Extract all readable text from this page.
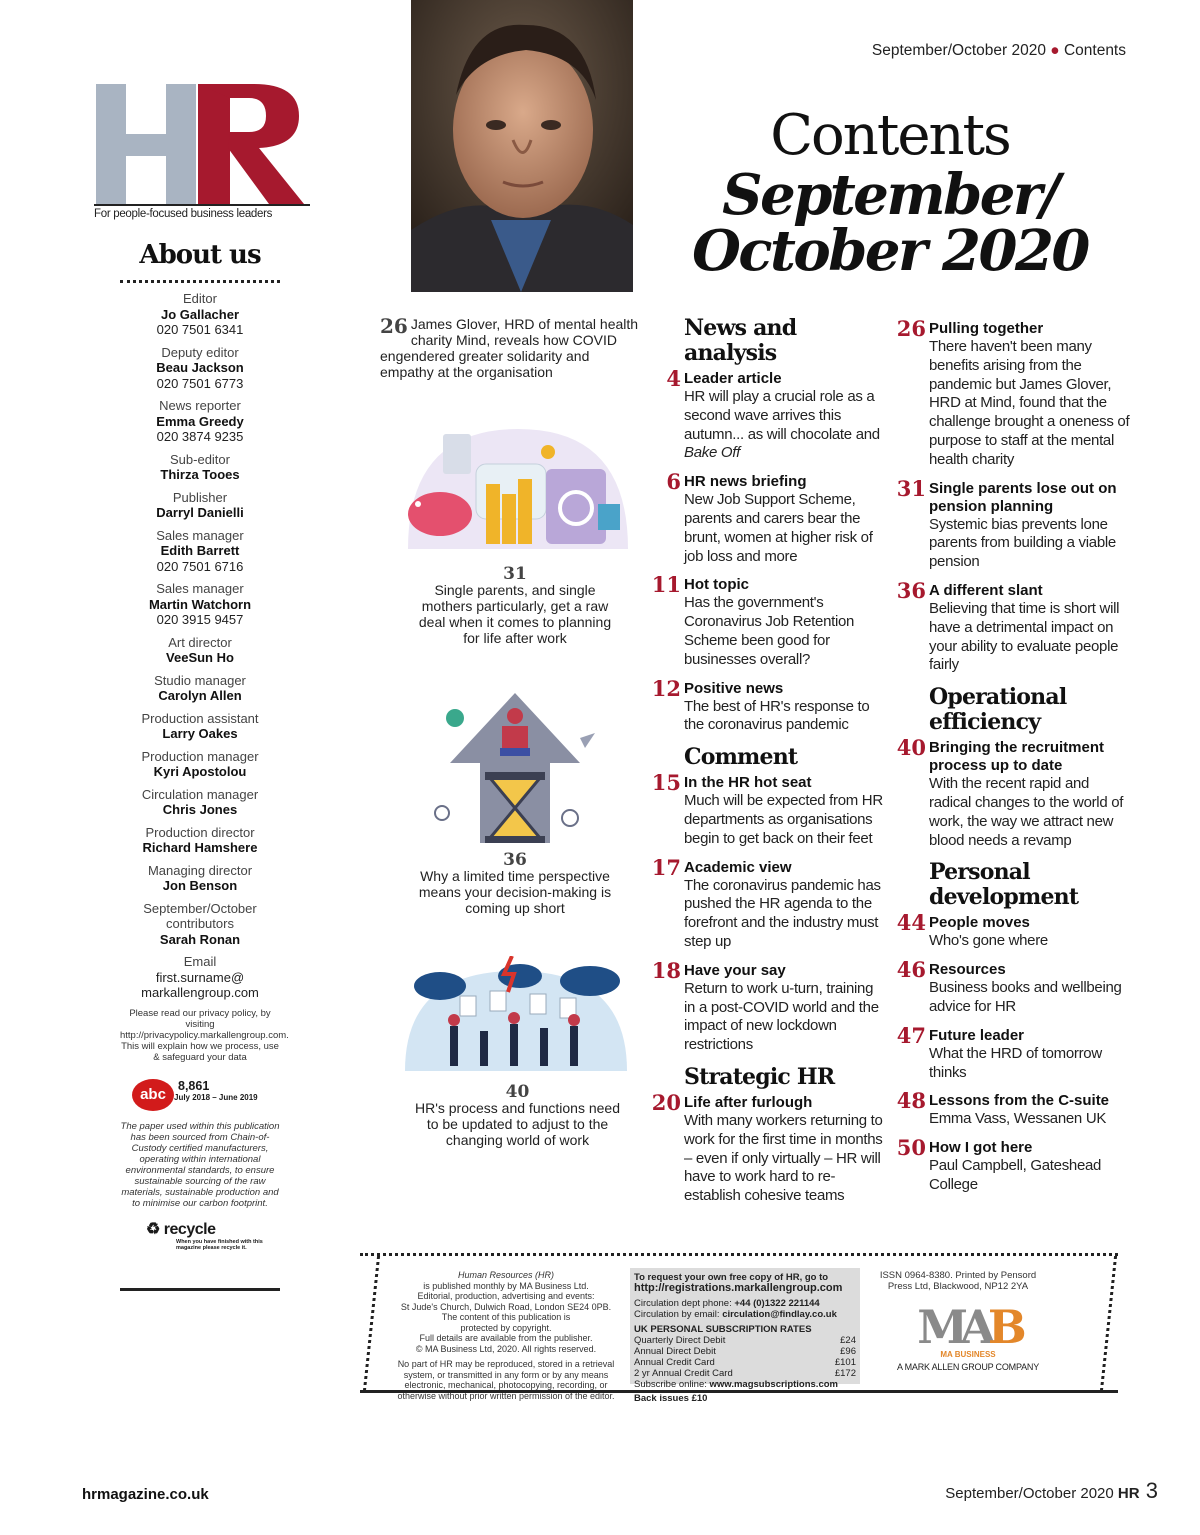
September/October 2020 ● Contents
For people-focused business leaders
Contents
September/
October 2020
About us
Editor
Jo Gallacher
020 7501 6341
Deputy editor
Beau Jackson
020 7501 6773
News reporter
Emma Greedy
020 3874 9235
Sub-editor
Thirza Tooes
Publisher
Darryl Danielli
Sales manager
Edith Barrett
020 7501 6716
Sales manager
Martin Watchorn
020 3915 9457
Art director
VeeSun Ho
Studio manager
Carolyn Allen
Production assistant
Larry Oakes
Production manager
Kyri Apostolou
Circulation manager
Chris Jones
Production director
Richard Hamshere
Managing director
Jon Benson
September/October contributors
Sarah Ronan
Email
first.surname@
markallengroup.com
Please read our privacy policy, by visiting http://privacypolicy.markallengroup.com. This will explain how we process, use & safeguard your data
abc
8,861
July 2018 – June 2019
The paper used within this publication has been sourced from Chain-of-Custody certified manufacturers, operating within international environmental standards, to ensure sustainable sourcing of the raw materials, sustainable production and to minimise our carbon footprint.
♻ recycle
When you have finished with this magazine please recycle it.
26 James Glover, HRD of mental health charity Mind, reveals how COVID engendered greater solidarity and empathy at the organisation
31
Single parents, and single mothers particularly, get a raw deal when it comes to planning for life after work
36
Why a limited time perspective means your decision-making is coming up short
40
HR's process and functions need to be updated to adjust to the changing world of work
News and analysis
4 Leader article
HR will play a crucial role as a second wave arrives this autumn... as will chocolate and Bake Off
6 HR news briefing
New Job Support Scheme, parents and carers bear the brunt, women at higher risk of job loss and more
11 Hot topic
Has the government's Coronavirus Job Retention Scheme been good for businesses overall?
12 Positive news
The best of HR's response to the coronavirus pandemic
Comment
15 In the HR hot seat
Much will be expected from HR departments as organisations begin to get back on their feet
17 Academic view
The coronavirus pandemic has pushed the HR agenda to the forefront and the industry must step up
18 Have your say
Return to work u-turn, training in a post-COVID world and the impact of new lockdown restrictions
Strategic HR
20 Life after furlough
With many workers returning to work for the first time in months – even if only virtually – HR will have to work hard to re-establish cohesive teams
26 Pulling together
There haven't been many benefits arising from the pandemic but James Glover, HRD at Mind, found that the challenge brought a oneness of purpose to staff at the mental health charity
31 Single parents lose out on pension planning
Systemic bias prevents lone parents from building a viable pension
36 A different slant
Believing that time is short will have a detrimental impact on your ability to evaluate people fairly
Operational efficiency
40 Bringing the recruitment process up to date
With the recent rapid and radical changes to the world of work, the way we attract new blood needs a revamp
Personal development
44 People moves
Who's gone where
46 Resources
Business books and wellbeing advice for HR
47 Future leader
What the HRD of tomorrow thinks
48 Lessons from the C-suite
Emma Vass, Wessanen UK
50 How I got here
Paul Campbell, Gateshead College

Human Resources (HR)
is published monthly by MA Business Ltd.
Editorial, production, advertising and events:
St Jude's Church, Dulwich Road, London SE24 0PB.
The content of this publication is
protected by copyright.
Full details are available from the publisher.
© MA Business Ltd, 2020. All rights reserved.

No part of HR may be reproduced, stored in a retrieval system, or transmitted in any form or by any means electronic, mechanical, photocopying, recording, or otherwise without prior written permission of the editor.

To request your own free copy of HR, go to
http://registrations.markallengroup.com
Circulation dept phone: +44 (0)1322 221144
Circulation by email: circulation@findlay.co.uk
UK PERSONAL SUBSCRIPTION RATES
Quarterly Direct Debit	£24
Annual Direct Debit	£96
Annual Credit Card	£101
2 yr Annual Credit Card	£172
Subscribe online: www.magsubscriptions.com
Back issues £10
ISSN 0964-8380. Printed by Pensord Press Ltd, Blackwood, NP12 2YA
MAB
MA BUSINESS
A MARK ALLEN GROUP COMPANY
hrmagazine.co.uk	September/October 2020 HR 3
